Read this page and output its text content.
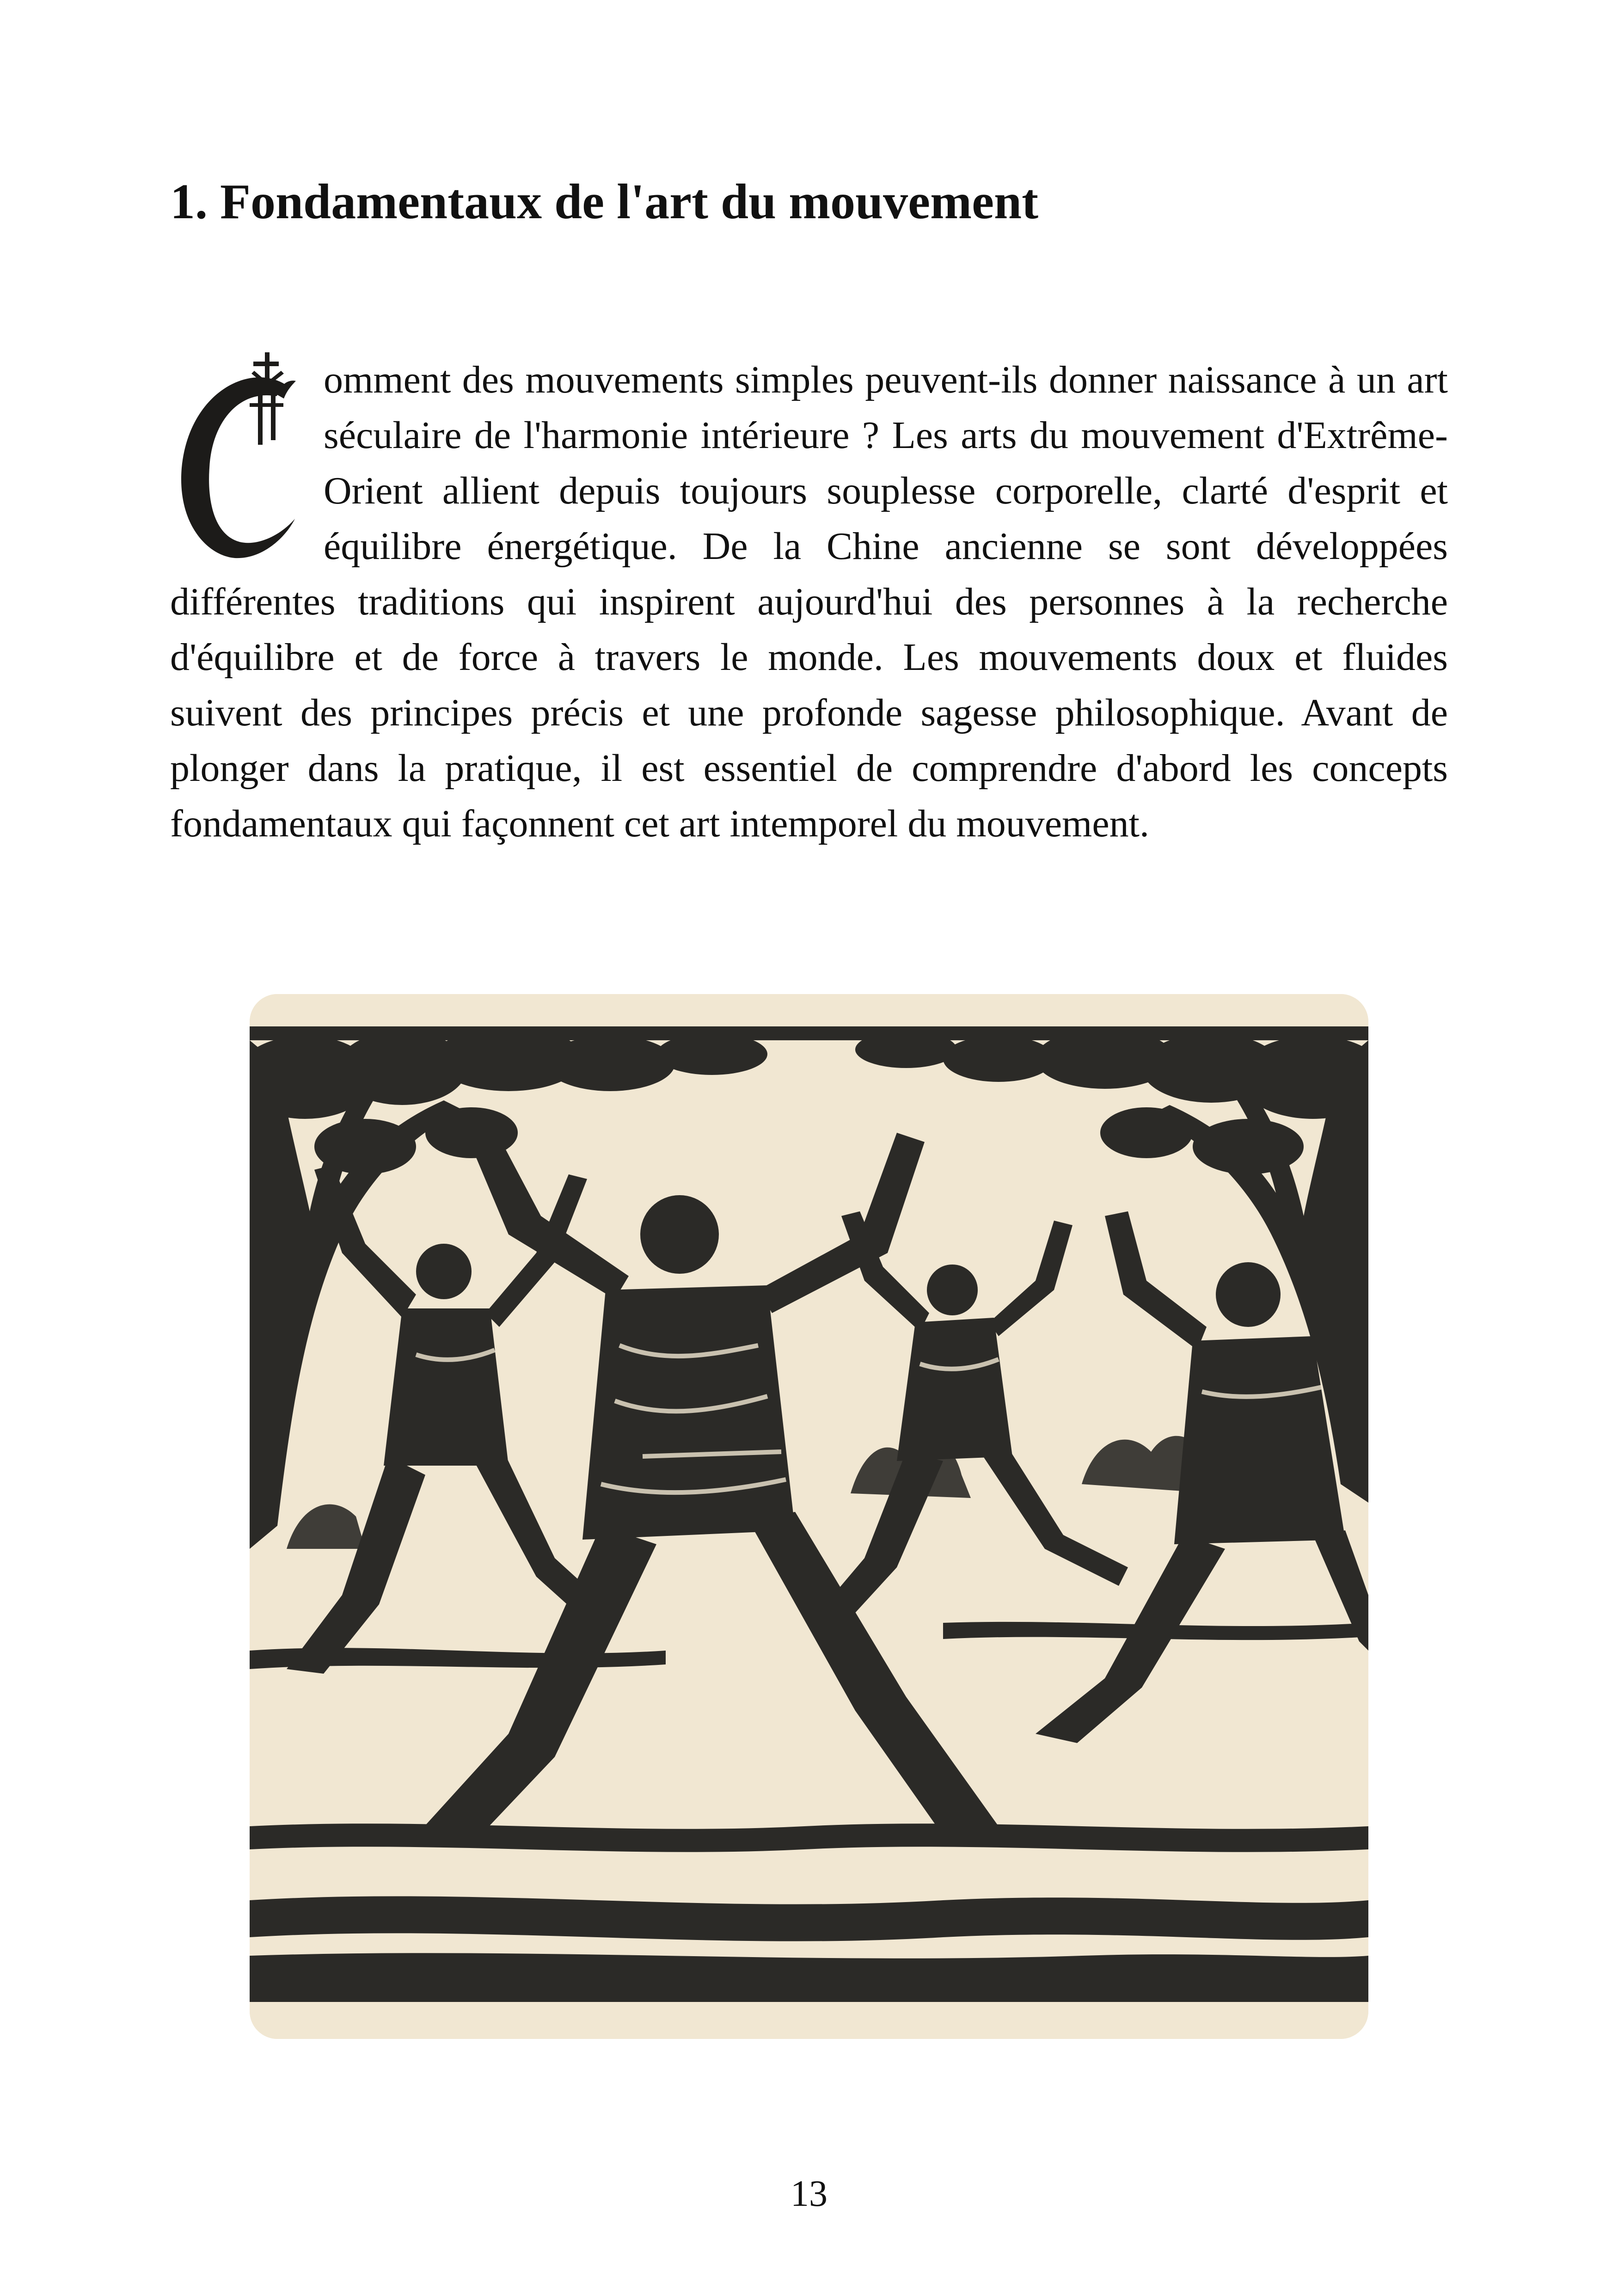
1. Fondamentaux de l'art du mouvement

omment des mouvements simples peuvent-ils donner naissance à un art séculaire de l'harmonie intérieure ? Les arts du mouvement d'Extrême-Orient allient depuis toujours souplesse corporelle, clarté d'esprit et équilibre énergétique. De la Chine ancienne se sont développées différentes traditions qui inspirent aujourd'hui des personnes à la recherche d'équilibre et de force à travers le monde. Les mouvements doux et fluides suivent des principes précis et une profonde sagesse philosophique. Avant de plonger dans la pratique, il est essentiel de comprendre d'abord les concepts fondamentaux qui façonnent cet art intemporel du mouvement.

13
